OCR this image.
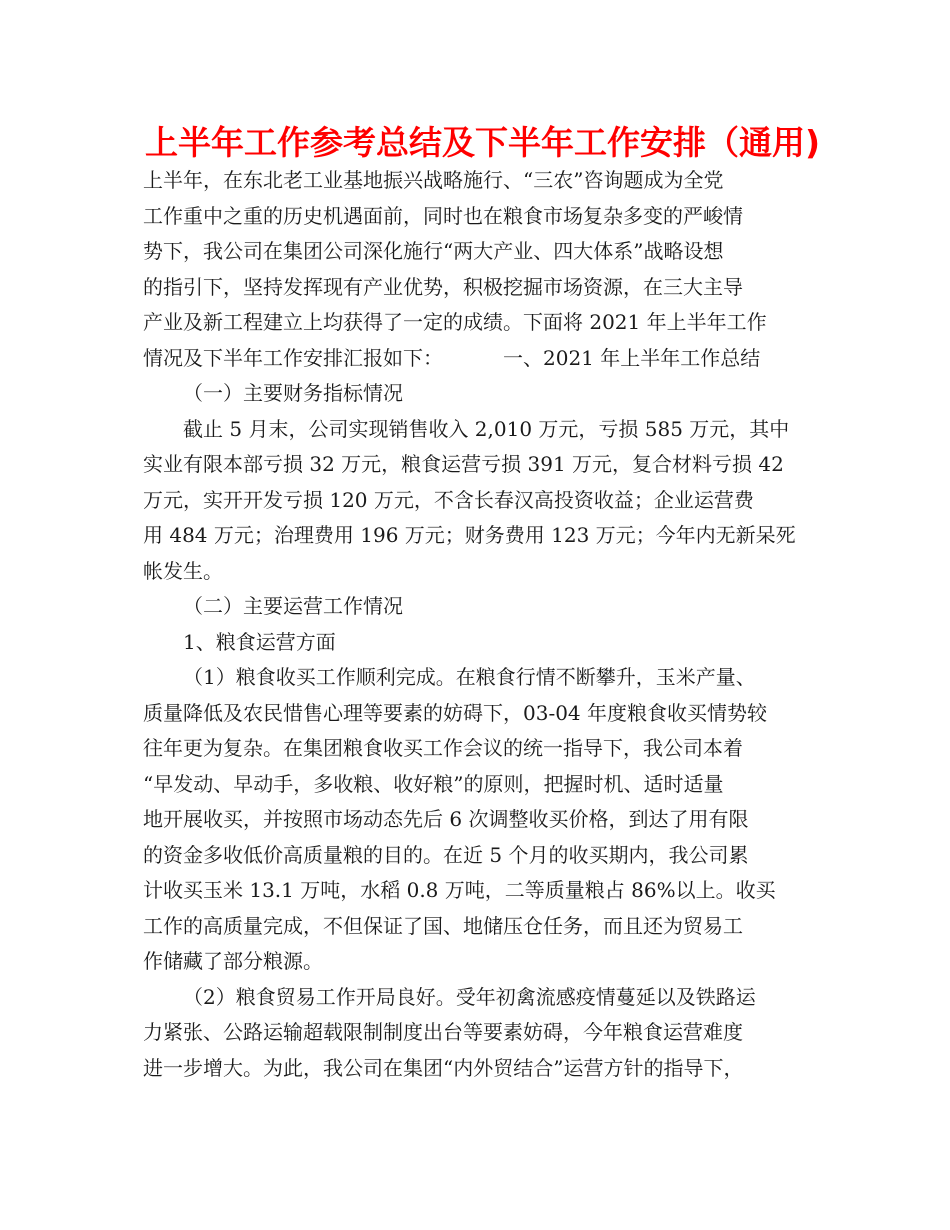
上半年工作参考总结及下半年工作安排（通用)
上半年，在东北老工业基地振兴战略施行、“三农”咨询题成为全党
工作重中之重的历史机遇面前，同时也在粮食市场复杂多变的严峻情
势下，我公司在集团公司深化施行“两大产业、四大体系”战略设想
的指引下，坚持发挥现有产业优势，积极挖掘市场资源，在三大主导
产业及新工程建立上均获得了一定的成绩。下面将 2021 年上半年工作
情况及下半年工作安排汇报如下：	一、2021 年上半年工作总结
（一）主要财务指标情况
截止 5 月末，公司实现销售收入 2,010 万元，亏损 585 万元，其中
实业有限本部亏损 32 万元，粮食运营亏损 391 万元，复合材料亏损 42
万元，实开开发亏损 120 万元，不含长春汉高投资收益；企业运营费
用 484 万元；治理费用 196 万元；财务费用 123 万元；今年内无新呆死
帐发生。
（二）主要运营工作情况
1、粮食运营方面
（1）粮食收买工作顺利完成。在粮食行情不断攀升，玉米产量、
质量降低及农民惜售心理等要素的妨碍下，03-04 年度粮食收买情势较
往年更为复杂。在集团粮食收买工作会议的统一指导下，我公司本着
“早发动、早动手，多收粮、收好粮”的原则，把握时机、适时适量
地开展收买，并按照市场动态先后 6 次调整收买价格，到达了用有限
的资金多收低价高质量粮的目的。在近 5 个月的收买期内，我公司累
计收买玉米 13.1 万吨，水稻 0.8 万吨，二等质量粮占 86%以上。收买
工作的高质量完成，不但保证了国、地储压仓任务，而且还为贸易工
作储藏了部分粮源。
（2）粮食贸易工作开局良好。受年初禽流感疫情蔓延以及铁路运
力紧张、公路运输超载限制制度出台等要素妨碍，今年粮食运营难度
进一步增大。为此，我公司在集团“内外贸结合”运营方针的指导下，
